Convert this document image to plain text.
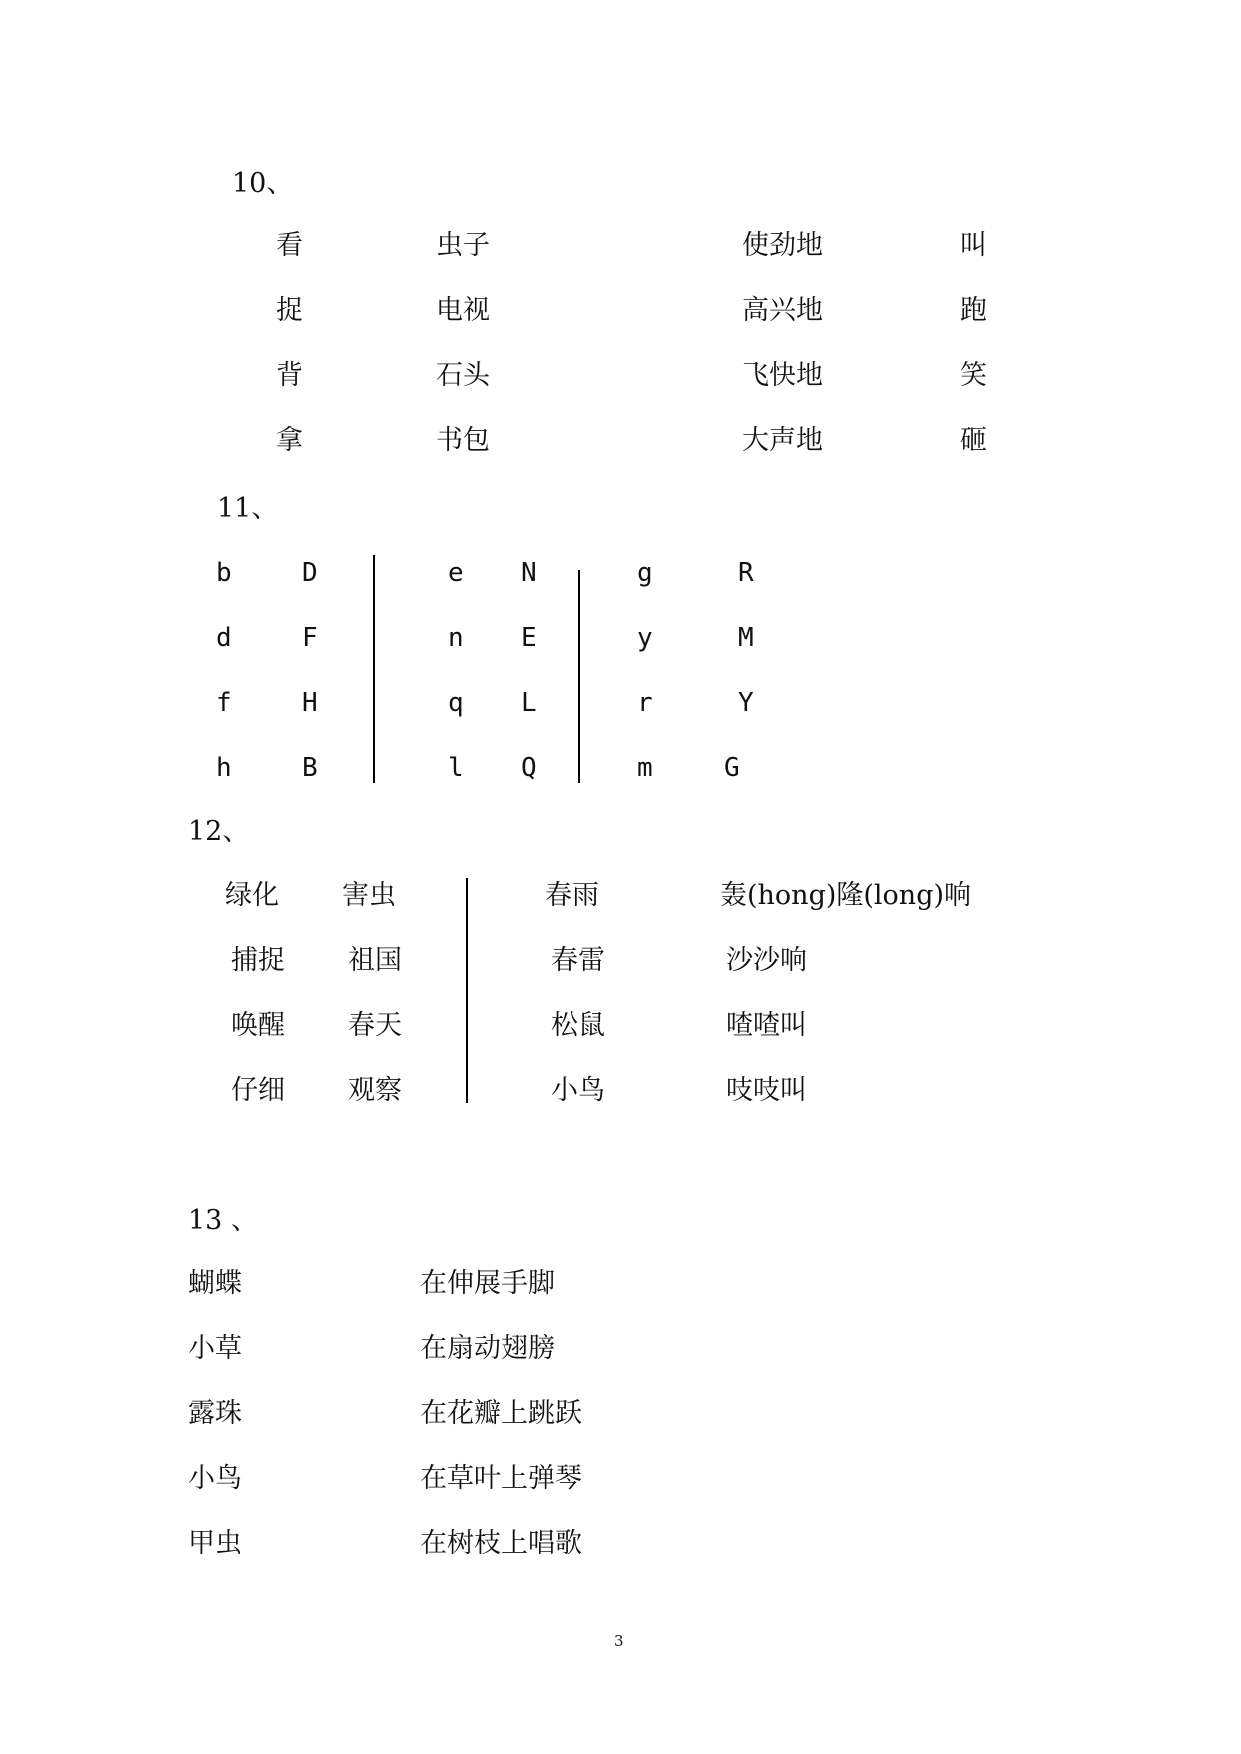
10、
看
捉
背
拿
虫子
电视
石头
书包
使劲地
高兴地
飞快地
大声地
叫
跑
笑
砸
11、
b
d
f
h
D
F
H
B
e
n
q
l
N
E
L
Q
g
y
r
m
R
M
Y
G
12、
绿化
捕捉
唤醒
仔细
害虫
祖国
春天
观察
春雨
春雷
松鼠
小鸟
轰(hong)隆(long)响
沙沙响
喳喳叫
吱吱叫
13 、
蝴蝶
小草
露珠
小鸟
甲虫
在伸展手脚
在扇动翅膀
在花瓣上跳跃
在草叶上弹琴
在树枝上唱歌
3
